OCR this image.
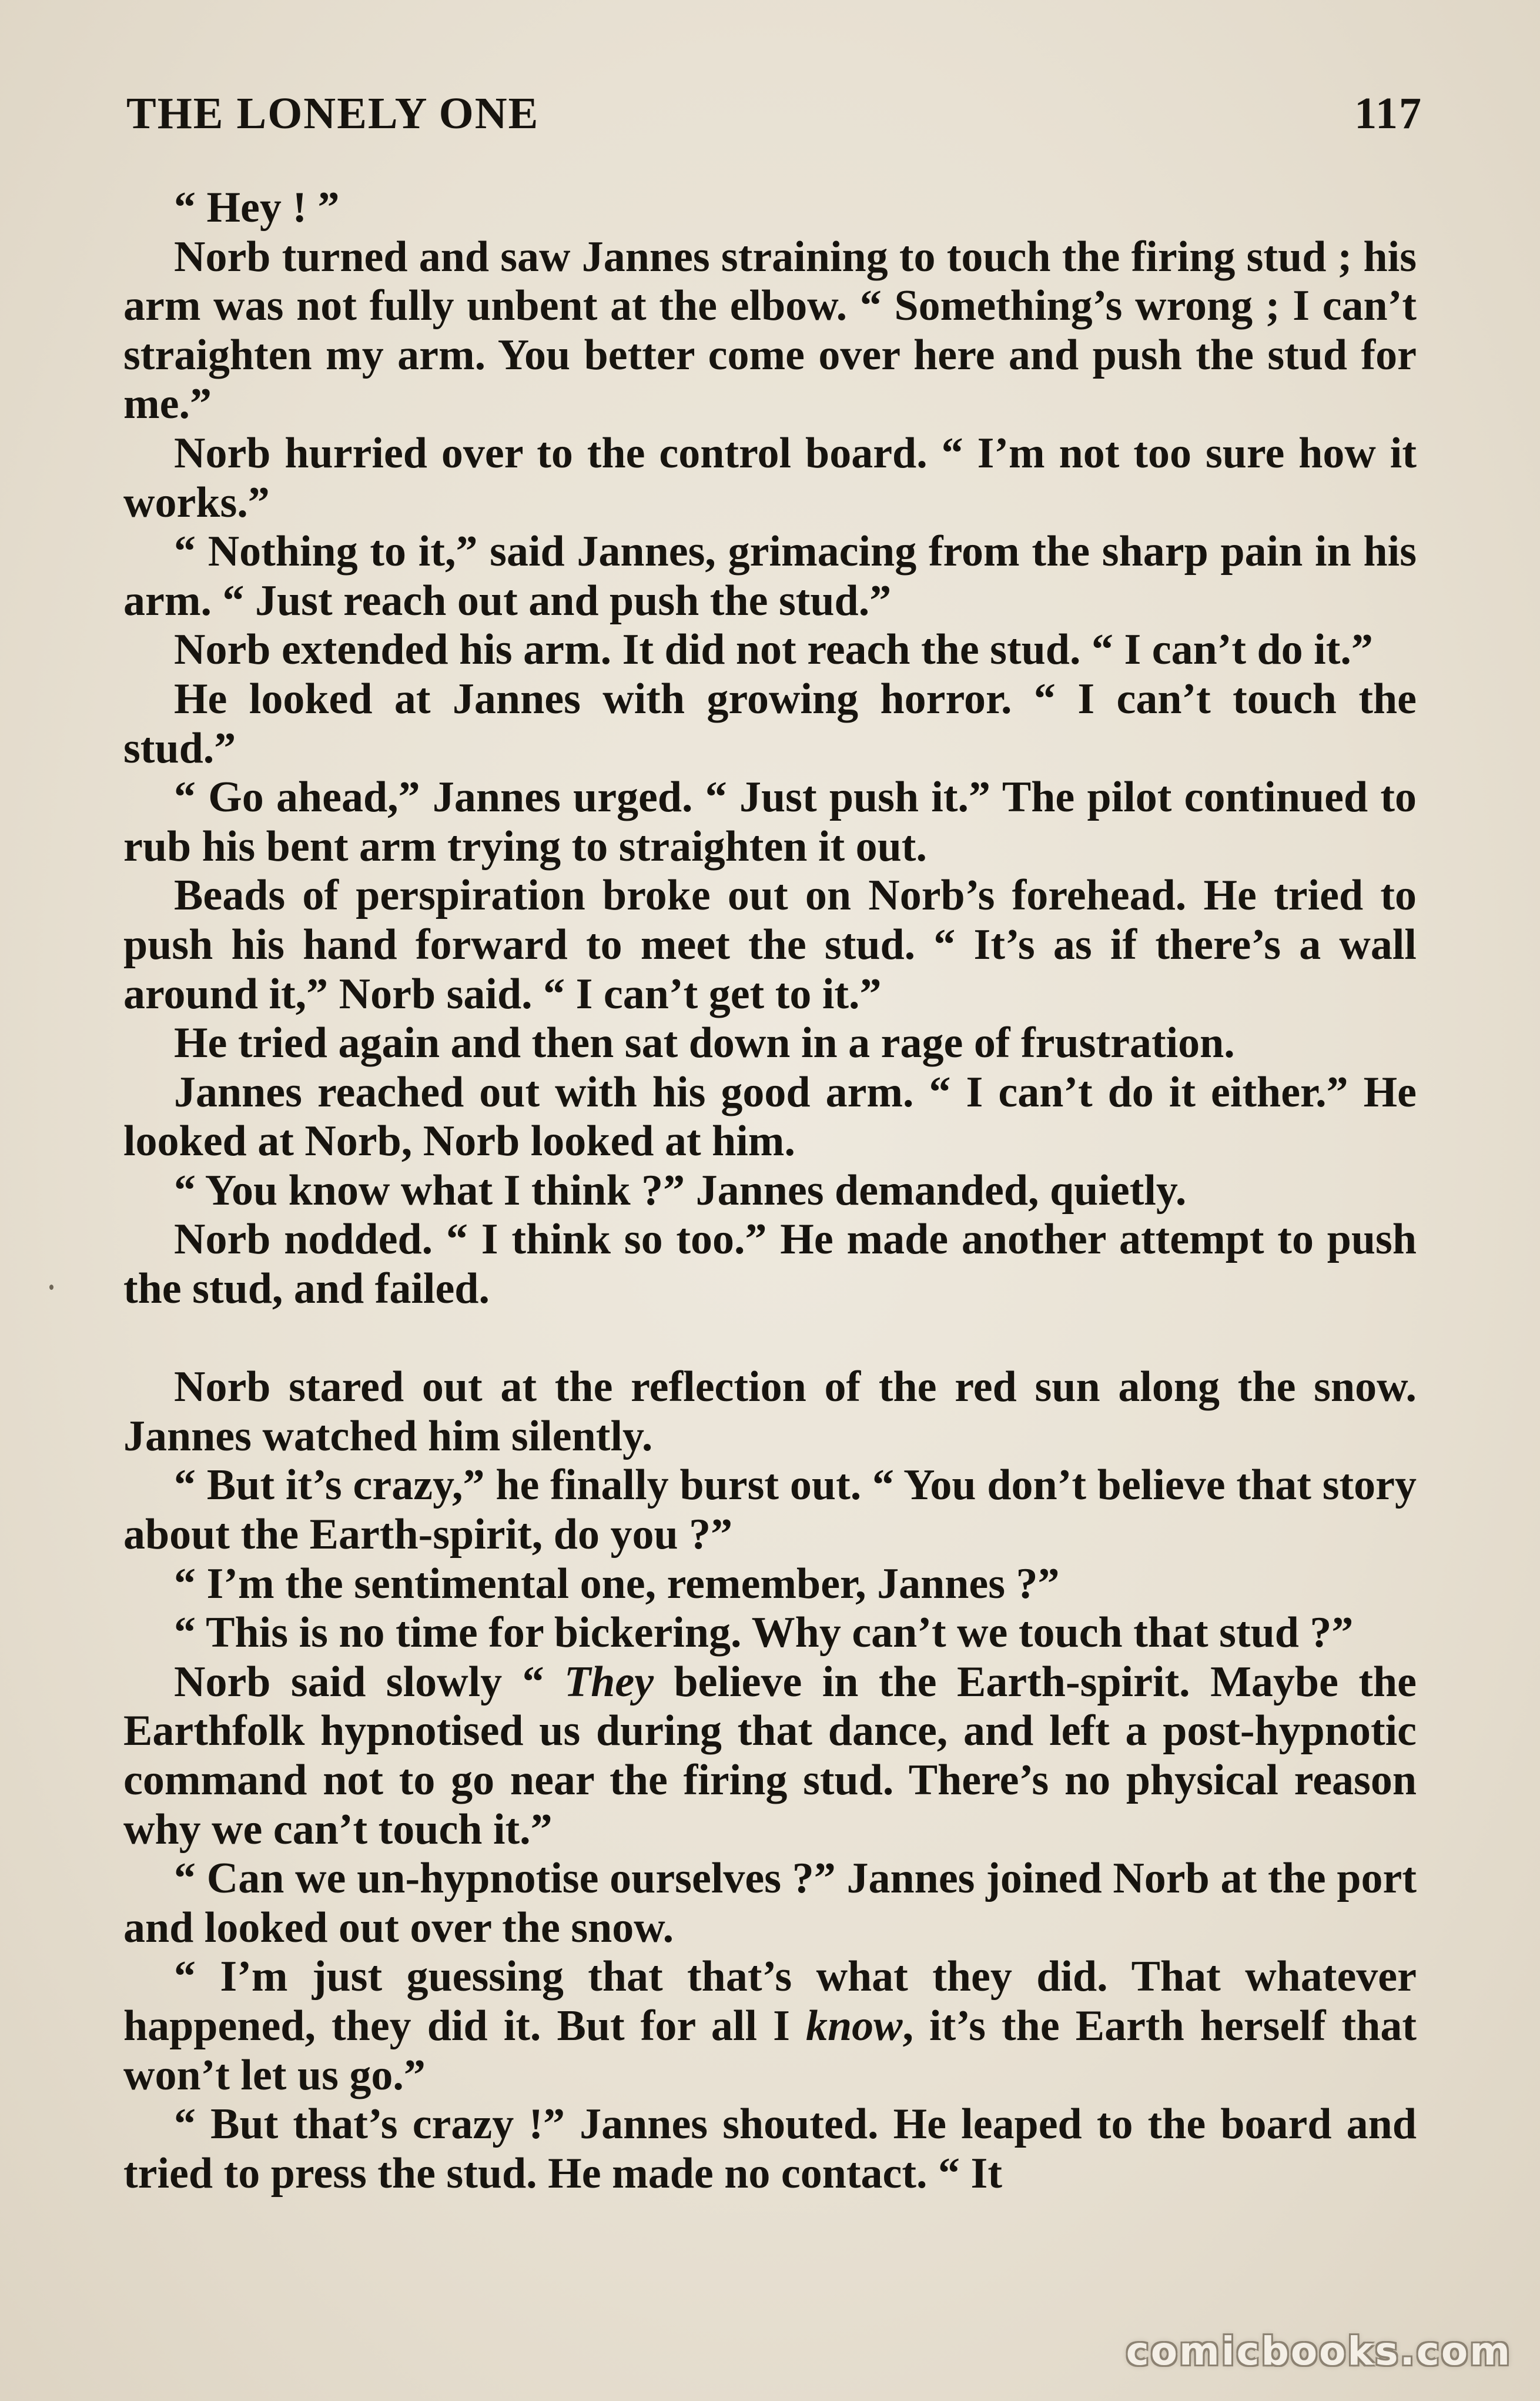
THE LONELY ONE	117

“ Hey ! ”

Norb turned and saw Jannes straining to touch the firing stud ; his arm was not fully unbent at the elbow. “ Something’s wrong ; I can’t straighten my arm. You better come over here and push the stud for me.”

Norb hurried over to the control board. “ I’m not too sure how it works.”

“ Nothing to it,” said Jannes, grimacing from the sharp pain in his arm. “ Just reach out and push the stud.”

Norb extended his arm. It did not reach the stud. “ I can’t do it.”

He looked at Jannes with growing horror. “ I can’t touch the stud.”

“ Go ahead,” Jannes urged. “ Just push it.” The pilot continued to rub his bent arm trying to straighten it out.

Beads of perspiration broke out on Norb’s forehead. He tried to push his hand forward to meet the stud. “ It’s as if there’s a wall around it,” Norb said. “ I can’t get to it.”

He tried again and then sat down in a rage of frustration.

Jannes reached out with his good arm. “ I can’t do it either.” He looked at Norb, Norb looked at him.

“ You know what I think ?” Jannes demanded, quietly.

Norb nodded. “ I think so too.” He made another attempt to push the stud, and failed.

Norb stared out at the reflection of the red sun along the snow. Jannes watched him silently.

“ But it’s crazy,” he finally burst out. “ You don’t believe that story about the Earth-spirit, do you ?”

“ I’m the sentimental one, remember, Jannes ?”

“ This is no time for bickering. Why can’t we touch that stud ?”

Norb said slowly “ They believe in the Earth-spirit. Maybe the Earthfolk hypnotised us during that dance, and left a post-hypnotic command not to go near the firing stud. There’s no physical reason why we can’t touch it.”

“ Can we un-hypnotise ourselves ?” Jannes joined Norb at the port and looked out over the snow.

“ I’m just guessing that that’s what they did. That whatever happened, they did it. But for all I know, it’s the Earth herself that won’t let us go.”

“ But that’s crazy !” Jannes shouted. He leaped to the board and tried to press the stud. He made no contact. “ It

comicbooks.com
